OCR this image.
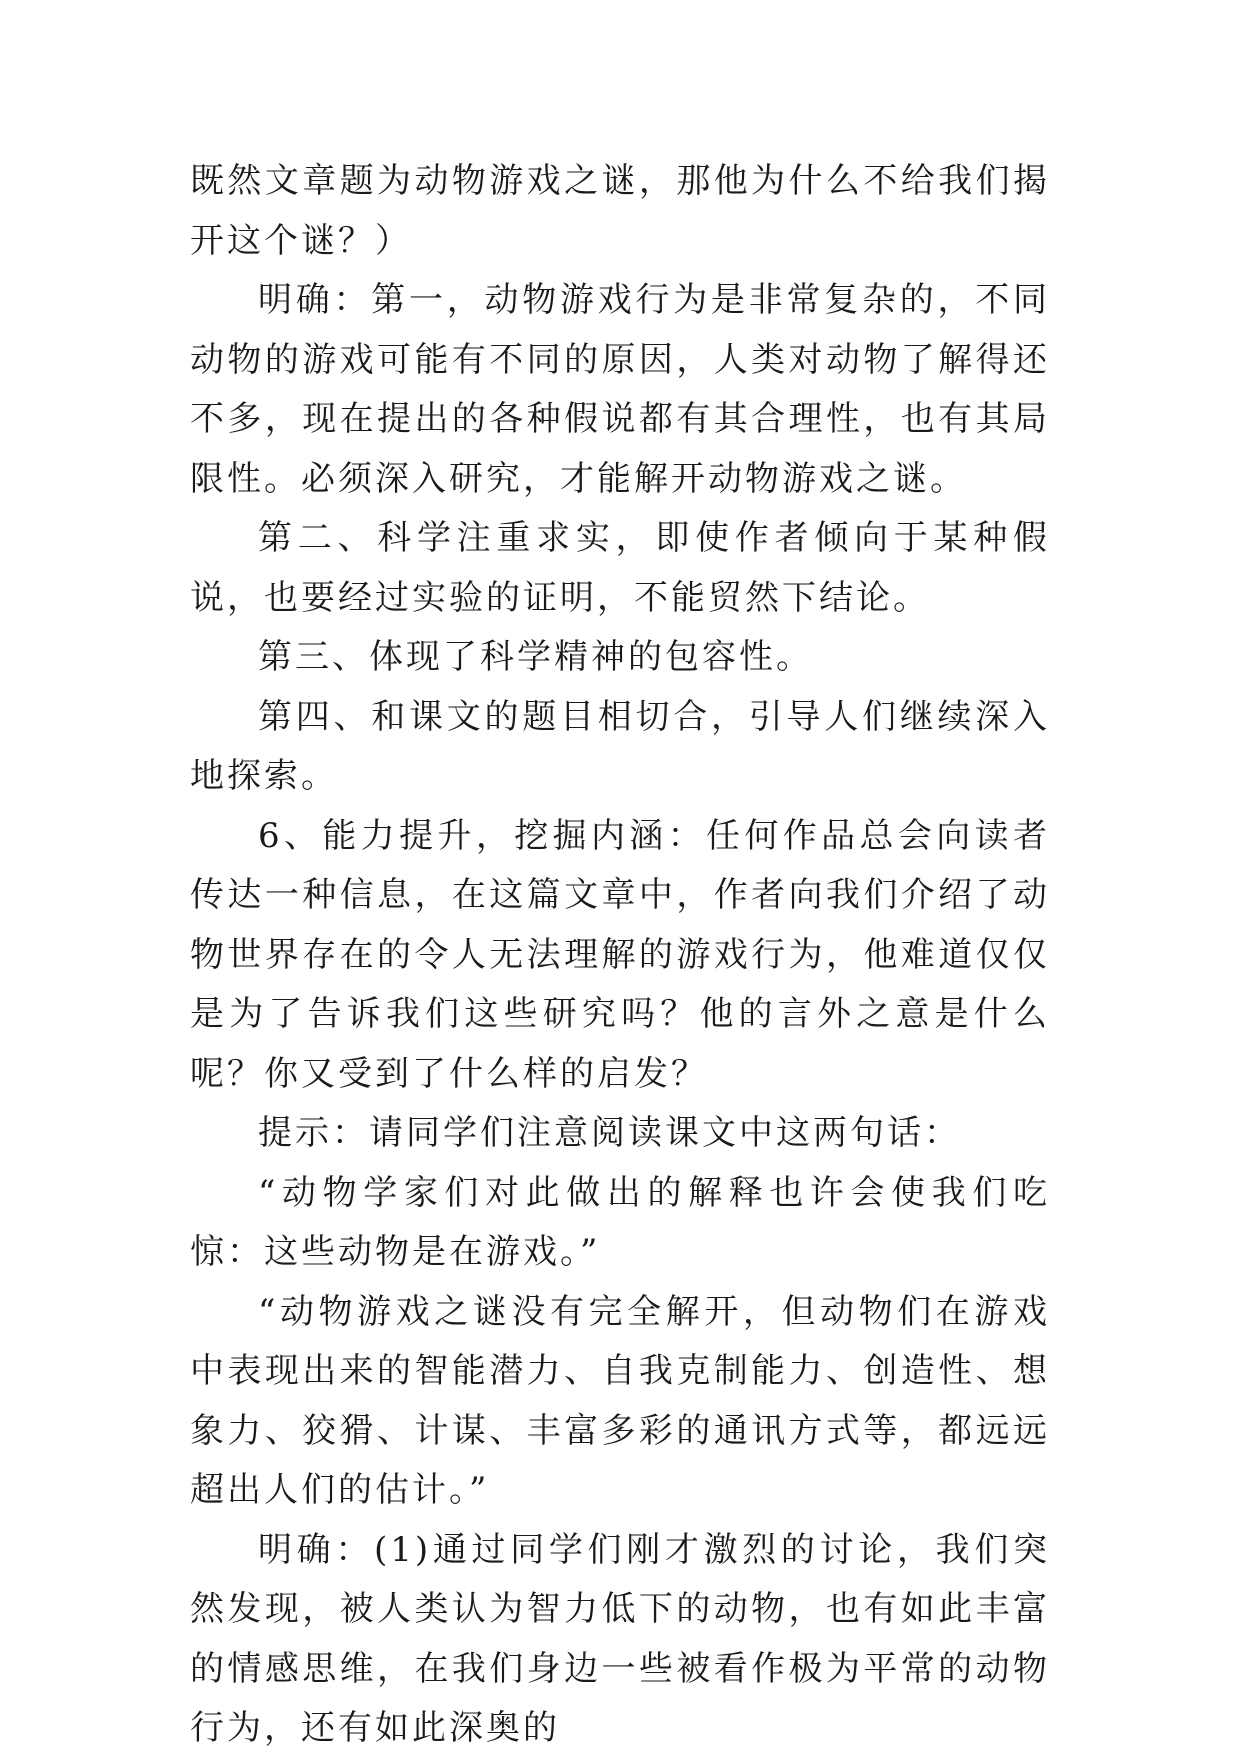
既然文章题为动物游戏之谜，那他为什么不给我们揭开这个谜？）

明确：第一，动物游戏行为是非常复杂的，不同动物的游戏可能有不同的原因，人类对动物了解得还不多，现在提出的各种假说都有其合理性，也有其局限性。必须深入研究，才能解开动物游戏之谜。

第二、科学注重求实，即使作者倾向于某种假说，也要经过实验的证明，不能贸然下结论。

第三、体现了科学精神的包容性。

第四、和课文的题目相切合，引导人们继续深入地探索。

6、能力提升，挖掘内涵：任何作品总会向读者传达一种信息，在这篇文章中，作者向我们介绍了动物世界存在的令人无法理解的游戏行为，他难道仅仅是为了告诉我们这些研究吗？他的言外之意是什么呢？你又受到了什么样的启发？

提示：请同学们注意阅读课文中这两句话：

“动物学家们对此做出的解释也许会使我们吃惊：这些动物是在游戏。”

“动物游戏之谜没有完全解开，但动物们在游戏中表现出来的智能潜力、自我克制能力、创造性、想象力、狡猾、计谋、丰富多彩的通讯方式等，都远远超出人们的估计。”

明确：(1)通过同学们刚才激烈的讨论，我们突然发现，被人类认为智力低下的动物，也有如此丰富的情感思维，在我们身边一些被看作极为平常的动物行为，还有如此深奥的
